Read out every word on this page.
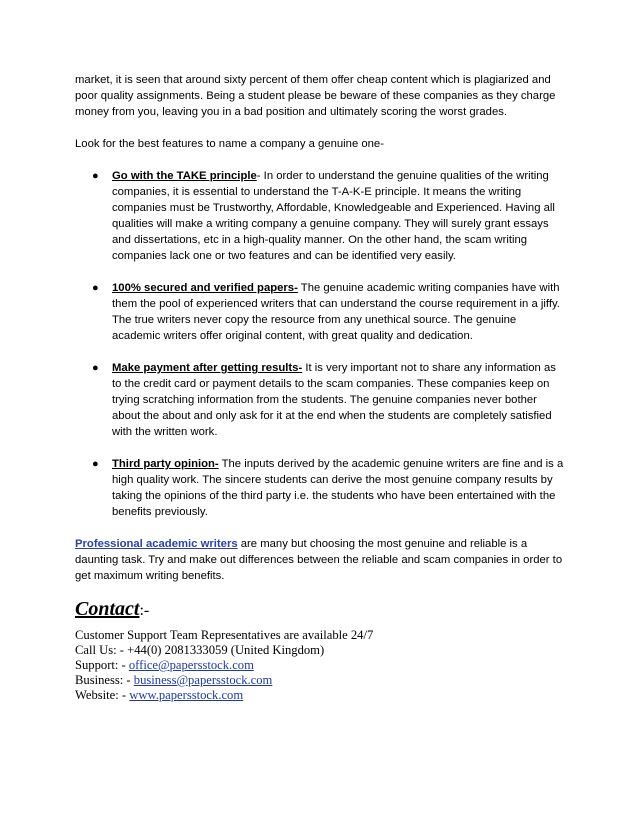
market, it is seen that around sixty percent of them offer cheap content which is plagiarized and poor quality assignments. Being a student please be beware of these companies as they charge money from you, leaving you in a bad position and ultimately scoring the worst grades.

Look for the best features to name a company a genuine one-

●	Go with the TAKE principle- In order to understand the genuine qualities of the writing companies, it is essential to understand the T-A-K-E principle. It means the writing companies must be Trustworthy, Affordable, Knowledgeable and Experienced. Having all qualities will make a writing company a genuine company. They will surely grant essays and dissertations, etc in a high-quality manner. On the other hand, the scam writing companies lack one or two features and can be identified very easily.
●	100% secured and verified papers- The genuine academic writing companies have with them the pool of experienced writers that can understand the course requirement in a jiffy. The true writers never copy the resource from any unethical source. The genuine academic writers offer original content, with great quality and dedication.
●	Make payment after getting results- It is very important not to share any information as to the credit card or payment details to the scam companies. These companies keep on trying scratching information from the students. The genuine companies never bother about the about and only ask for it at the end when the students are completely satisfied with the written work.
●	Third party opinion- The inputs derived by the academic genuine writers are fine and is a high quality work. The sincere students can derive the most genuine company results by taking the opinions of the third party i.e. the students who have been entertained with the benefits previously.

Professional academic writers are many but choosing the most genuine and reliable is a daunting task. Try and make out differences between the reliable and scam companies in order to get maximum writing benefits.

Contact:-

Customer Support Team Representatives are available 24/7

Call Us: - +44(0) 2081333059 (United Kingdom)

Support: - office@papersstock.com

Business: - business@papersstock.com

Website: - www.papersstock.com
